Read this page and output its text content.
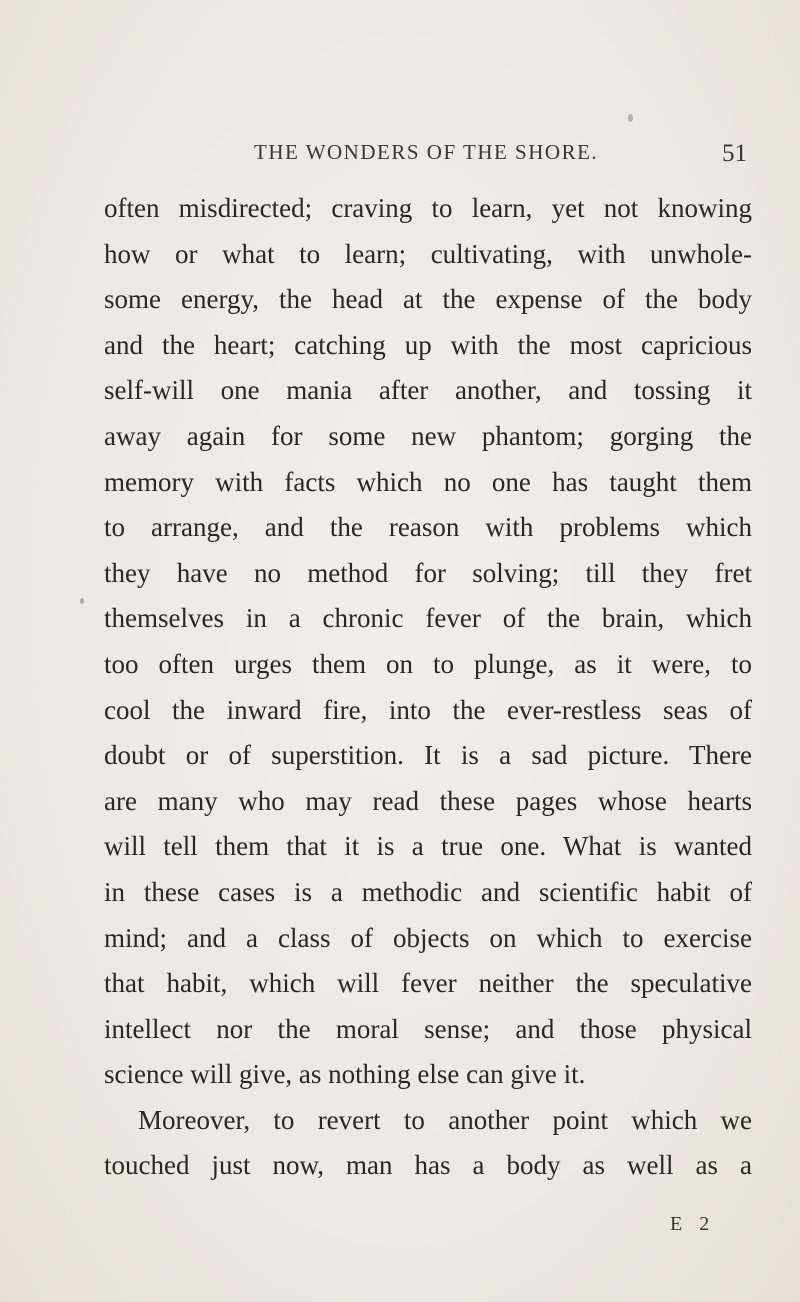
THE WONDERS OF THE SHORE.	51
often misdirected; craving to learn, yet not knowing
how or what to learn; cultivating, with unwhole-
some energy, the head at the expense of the body
and the heart; catching up with the most capricious
self-will one mania after another, and tossing it
away again for some new phantom; gorging the
memory with facts which no one has taught them
to arrange, and the reason with problems which
they have no method for solving; till they fret
themselves in a chronic fever of the brain, which
too often urges them on to plunge, as it were, to
cool the inward fire, into the ever-restless seas of
doubt or of superstition. It is a sad picture. There
are many who may read these pages whose hearts
will tell them that it is a true one. What is wanted
in these cases is a methodic and scientific habit of
mind; and a class of objects on which to exercise
that habit, which will fever neither the speculative
intellect nor the moral sense; and those physical
science will give, as nothing else can give it.
Moreover, to revert to another point which we
touched just now, man has a body as well as a
E 2
